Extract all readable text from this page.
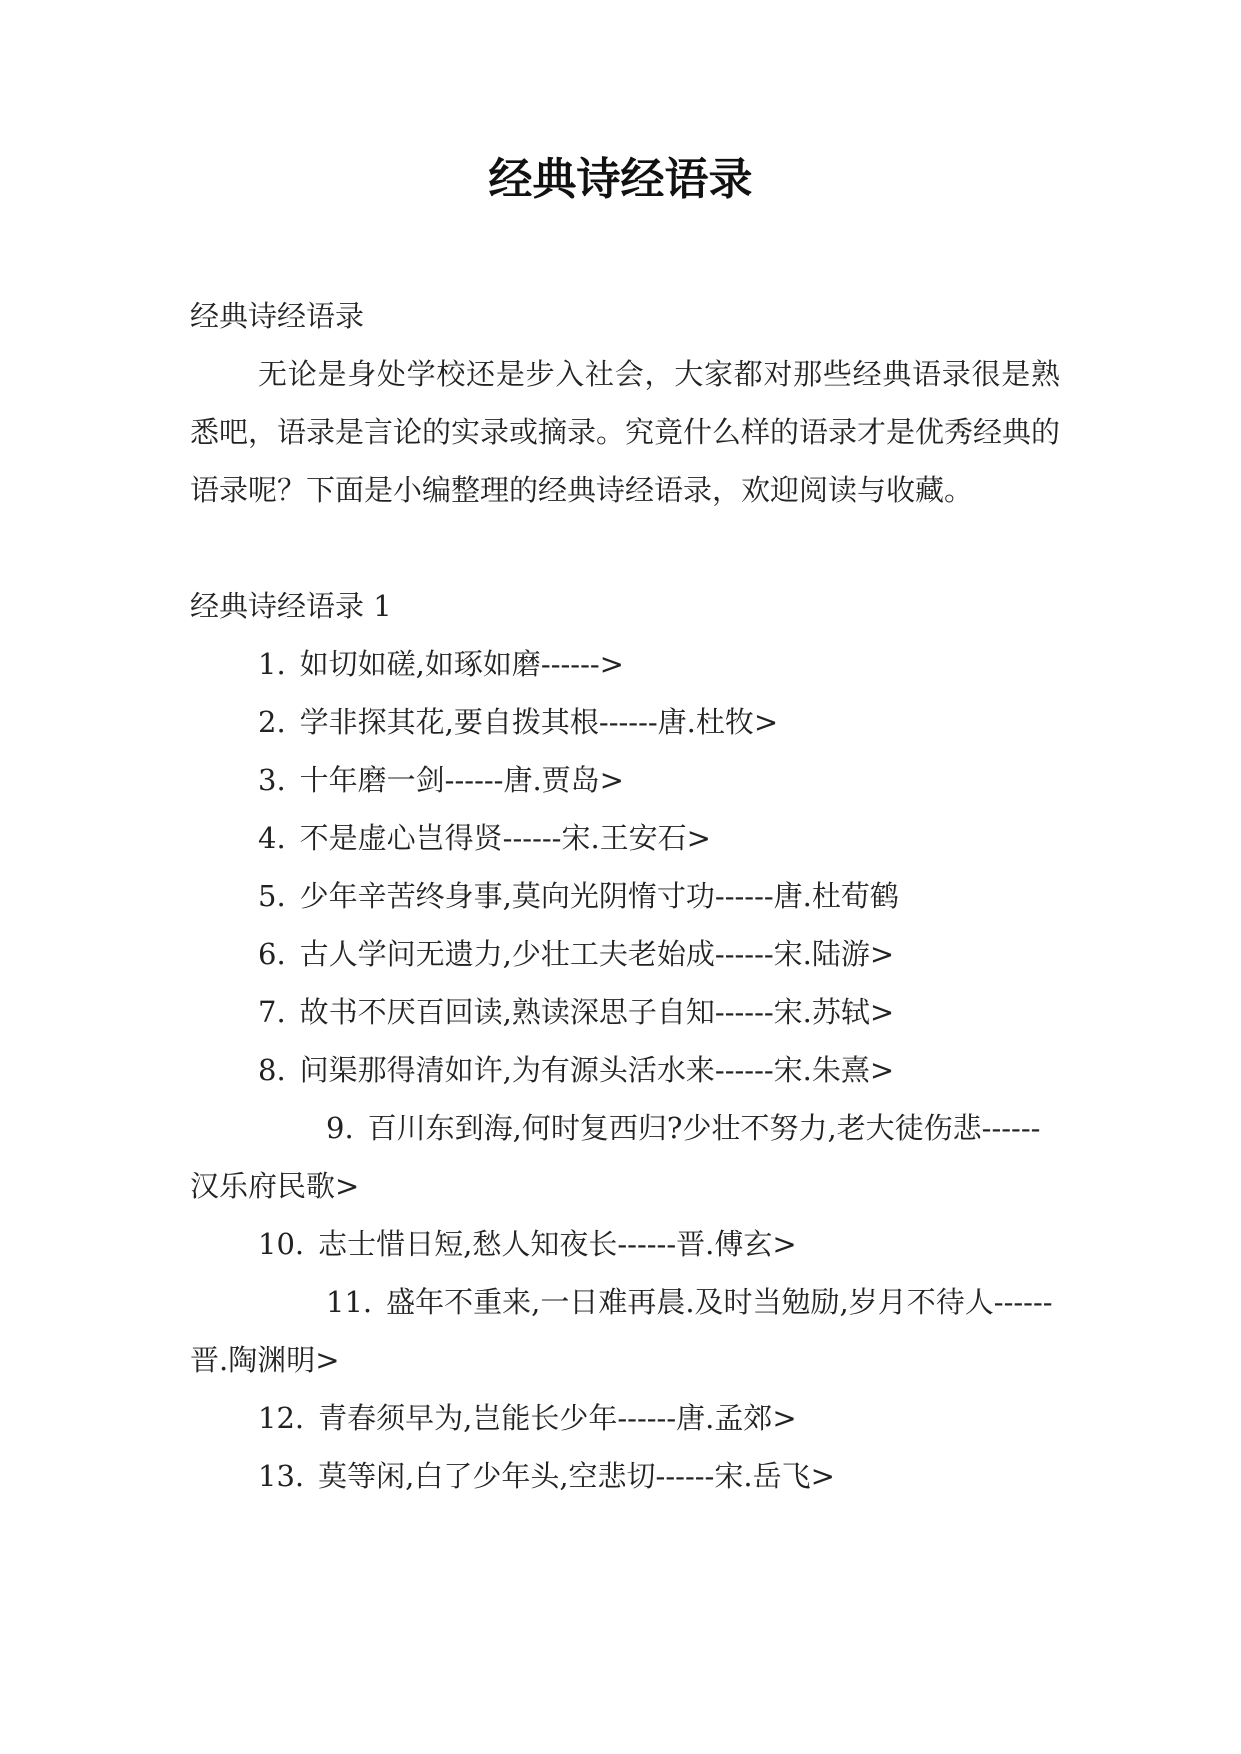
经典诗经语录

经典诗经语录

无论是身处学校还是步入社会，大家都对那些经典语录很是熟悉吧，语录是言论的实录或摘录。究竟什么样的语录才是优秀经典的语录呢？下面是小编整理的经典诗经语录，欢迎阅读与收藏。

经典诗经语录 1

1. 如切如磋,如琢如磨------>

2. 学非探其花,要自拨其根------唐.杜牧>

3. 十年磨一剑------唐.贾岛>

4. 不是虚心岂得贤------宋.王安石>

5. 少年辛苦终身事,莫向光阴惰寸功------唐.杜荀鹤

6. 古人学问无遗力,少壮工夫老始成------宋.陆游>

7. 故书不厌百回读,熟读深思子自知------宋.苏轼>

8. 问渠那得清如许,为有源头活水来------宋.朱熹>

9. 百川东到海,何时复西归?少壮不努力,老大徒伤悲------汉乐府民歌>

10. 志士惜日短,愁人知夜长------晋.傅玄>

11. 盛年不重来,一日难再晨.及时当勉励,岁月不待人------晋.陶渊明>

12. 青春须早为,岂能长少年------唐.孟郊>

13. 莫等闲,白了少年头,空悲切------宋.岳飞>
